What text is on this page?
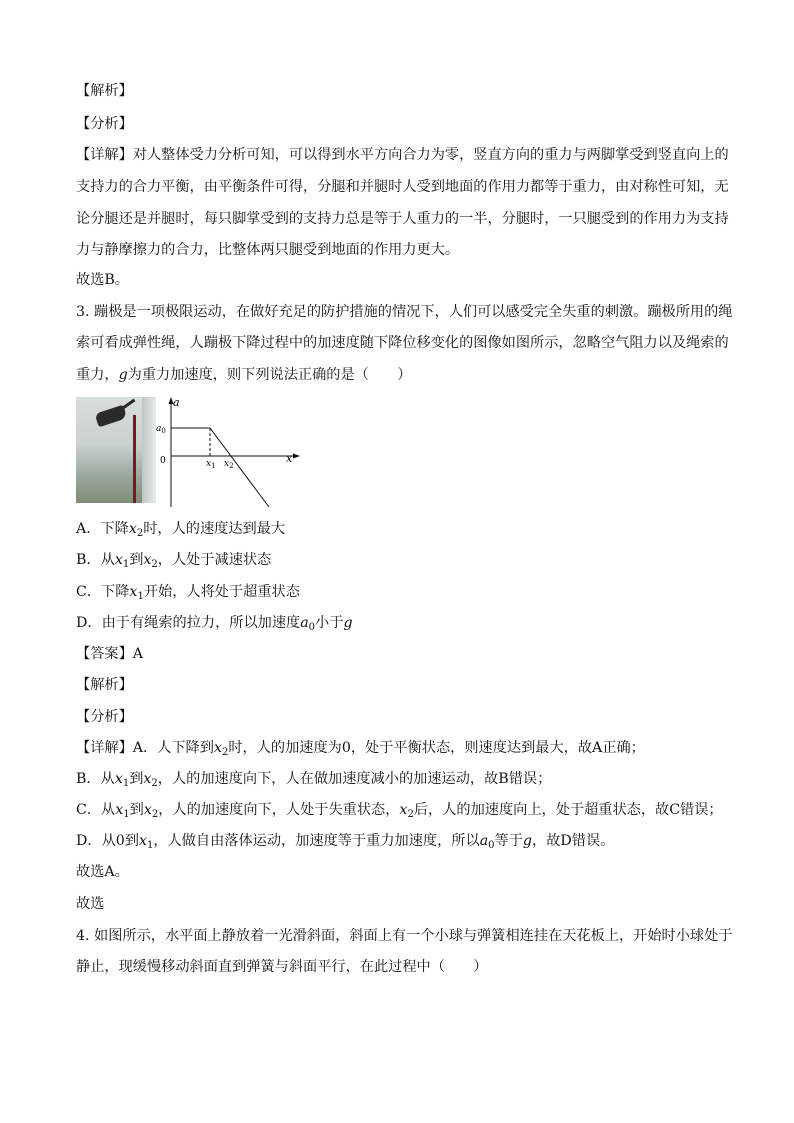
【解析】
【分析】
【详解】对人整体受力分析可知，可以得到水平方向合力为零，竖直方向的重力与两脚掌受到竖直向上的
支持力的合力平衡，由平衡条件可得，分腿和并腿时人受到地面的作用力都等于重力，由对称性可知，无
论分腿还是并腿时，每只脚掌受到的支持力总是等于人重力的一半，分腿时，一只腿受到的作用力为支持
力与静摩擦力的合力，比整体两只腿受到地面的作用力更大。
故选B。
3. 蹦极是一项极限运动，在做好充足的防护措施的情况下，人们可以感受完全失重的刺激。蹦极所用的绳
索可看成弹性绳，人蹦极下降过程中的加速度随下降位移变化的图像如图所示，忽略空气阻力以及绳索的
重力，g为重力加速度，则下列说法正确的是（　　）
a
$a_0$
0	$x_1$ $x_2$
x
A．下降$x_2$时，人的速度达到最大
B．从$x_1$到$x_2$，人处于减速状态
C．下降$x_1$开始，人将处于超重状态
D．由于有绳索的拉力，所以加速度$a_0$小于g
【答案】A
【解析】
【分析】
【详解】A．人下降到$x_2$时，人的加速度为0，处于平衡状态，则速度达到最大，故A正确；
B．从$x_1$到$x_2$，人的加速度向下，人在做加速度减小的加速运动，故B错误；
C．从$x_1$到$x_2$，人的加速度向下，人处于失重状态，$x_2$后，人的加速度向上，处于超重状态，故C错误；
D．从0到$x_1$，人做自由落体运动，加速度等于重力加速度，所以$a_0$等于g，故D错误。
故选A。
故选
4. 如图所示，水平面上静放着一光滑斜面，斜面上有一个小球与弹簧相连挂在天花板上，开始时小球处于
静止，现缓慢移动斜面直到弹簧与斜面平行，在此过程中（　　）
